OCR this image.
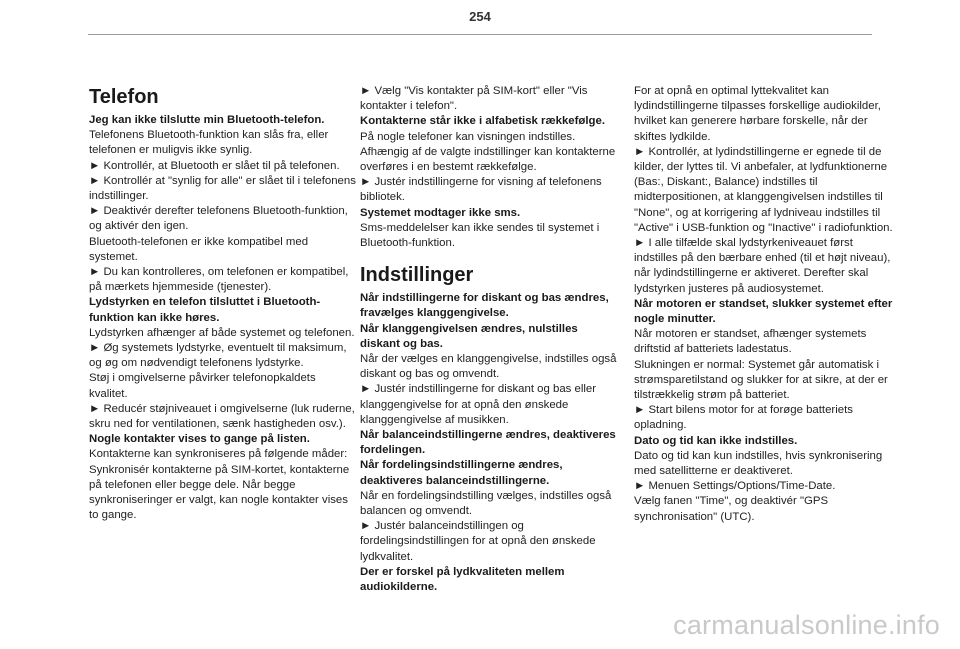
254
Telefon

Jeg kan ikke tilslutte min Bluetooth-telefon.

Telefonens Bluetooth-funktion kan slås fra, eller telefonen er muligvis ikke synlig.

► Kontrollér, at Bluetooth er slået til på telefonen.

► Kontrollér at "synlig for alle" er slået til i telefonens indstillinger.

► Deaktivér derefter telefonens Bluetooth-funktion, og aktivér den igen.

Bluetooth-telefonen er ikke kompatibel med systemet.

► Du kan kontrolleres, om telefonen er kompatibel, på mærkets hjemmeside (tjenester).

Lydstyrken en telefon tilsluttet i Bluetooth-funktion kan ikke høres.

Lydstyrken afhænger af både systemet og telefonen.

► Øg systemets lydstyrke, eventuelt til maksimum, og øg om nødvendigt telefonens lydstyrke.

Støj i omgivelserne påvirker telefonopkaldets kvalitet.

► Reducér støjniveauet i omgivelserne (luk ruderne, skru ned for ventilationen, sænk hastigheden osv.).

Nogle kontakter vises to gange på listen.

Kontakterne kan synkroniseres på følgende måder: Synkronisér kontakterne på SIM-kortet, kontakterne på telefonen eller begge dele. Når begge synkroniseringer er valgt, kan nogle kontakter vises to gange.

► Vælg "Vis kontakter på SIM-kort" eller "Vis kontakter i telefon".

Kontakterne står ikke i alfabetisk rækkefølge.

På nogle telefoner kan visningen indstilles. Afhængig af de valgte indstillinger kan kontakterne overføres i en bestemt rækkefølge.

► Justér indstillingerne for visning af telefonens bibliotek.

Systemet modtager ikke sms.

Sms-meddelelser kan ikke sendes til systemet i Bluetooth-funktion.

Indstillinger

Når indstillingerne for diskant og bas ændres, fravælges klanggengivelse.

Når klanggengivelsen ændres, nulstilles diskant og bas.

Når der vælges en klanggengivelse, indstilles også diskant og bas og omvendt.

► Justér indstillingerne for diskant og bas eller klanggengivelse for at opnå den ønskede klanggengivelse af musikken.

Når balanceindstillingerne ændres, deaktiveres fordelingen.

Når fordelingsindstillingerne ændres, deaktiveres balanceindstillingerne.

Når en fordelingsindstilling vælges, indstilles også balancen og omvendt.

► Justér balanceindstillingen og fordelingsindstillingen for at opnå den ønskede lydkvalitet.

Der er forskel på lydkvaliteten mellem audiokilderne.

For at opnå en optimal lyttekvalitet kan lydindstillingerne tilpasses forskellige audiokilder, hvilket kan generere hørbare forskelle, når der skiftes lydkilde.

► Kontrollér, at lydindstillingerne er egnede til de kilder, der lyttes til. Vi anbefaler, at lydfunktionerne (Bas:, Diskant:, Balance) indstilles til midterpositionen, at klanggengivelsen indstilles til "None", og at korrigering af lydniveau indstilles til "Active" i USB-funktion og "Inactive" i radiofunktion.

► I alle tilfælde skal lydstyrkeniveauet først indstilles på den bærbare enhed (til et højt niveau), når lydindstillingerne er aktiveret. Derefter skal lydstyrken justeres på audiosystemet.

Når motoren er standset, slukker systemet efter nogle minutter.

Når motoren er standset, afhænger systemets driftstid af batteriets ladestatus.

Slukningen er normal: Systemet går automatisk i strømsparetilstand og slukker for at sikre, at der er tilstrækkelig strøm på batteriet.

► Start bilens motor for at forøge batteriets opladning.

Dato og tid kan ikke indstilles.

Dato og tid kan kun indstilles, hvis synkronisering med satellitterne er deaktiveret.

► Menuen Settings/Options/Time-Date.

Vælg fanen "Time", og deaktivér "GPS synchronisation" (UTC).

carmanualsonline.info
